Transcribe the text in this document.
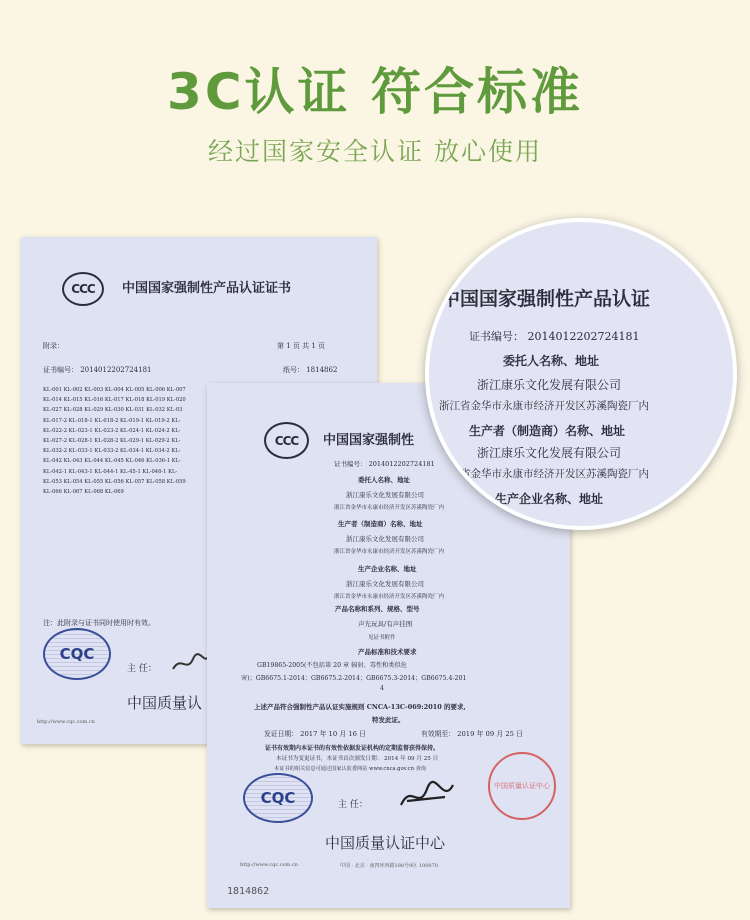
3C认证 符合标准
经过国家安全认证 放心使用
CCC	中国国家强制性产品认证证书
附录：	第 1 页 共 1 页
证书编号： 2014012202724181	纸号： 1814862
KL-001 KL-002 KL-003 KL-004 KL-005 KL-006 KL-007
KL-014 KL-015 KL-016 KL-017 KL-018 KL-019 KL-020
KL-027 KL-028 KL-029 KL-030 KL-031 KL-032 KL-03
KL-017-2 KL-018-1 KL-018-2 KL-019-1 KL-019-2 KL-
KL-022-2 KL-023-1 KL-023-2 KL-024-1 KL-024-2 KL-
KL-027-2 KL-028-1 KL-028-2 KL-029-1 KL-029-2 KL-
KL-032-2 KL-033-1 KL-033-2 KL-034-1 KL-034-2 KL-
KL-042 KL-043 KL-044 KL-045 KL-046 KL-036-1 KL-
KL-042-1 KL-043-1 KL-044-1 KL-45-1 KL-046-1 KL-
KL-053 KL-054 KL-055 KL-056 KL-057 KL-058 KL-059
KL-066 KL-067 KL-068 KL-069
注：此附录与证书同时使用时有效。
CQC
主 任：
中国质量认
http://www.cqc.com.cn
CCC	中国国家强制性
证书编号： 2014012202724181
委托人名称、地址
浙江康乐文化发展有限公司
浙江省金华市永康市经济开发区苏溪陶瓷厂内
生产者（制造商）名称、地址
浙江康乐文化发展有限公司
浙江省金华市永康市经济开发区苏溪陶瓷厂内
生产企业名称、地址
浙江康乐文化发展有限公司
浙江省金华市永康市经济开发区苏溪陶瓷厂内
产品名称和系列、规格、型号
声光玩具/有声挂图
见证书附件
产品标准和技术要求
GB19865-2005(不包括第 20 章 辐射、毒性和类似危
害)；GB6675.1-2014；GB6675.2-2014；GB6675.3-2014；GB6675.4-201
4
上述产品符合强制性产品认证实施规则 CNCA-13C-069:2010 的要求,
特发此证。
发证日期： 2017 年 10 月 16 日	有效期至： 2019 年 09 月 25 日
证书有效期内本证书的有效性依据发证机构的定期监督获得保持。
本证书为变更证书，本证书首次颁发日期： 2014 年 09 月 25 日
本证书的相关信息可通过国家认监委网站 www.cnca.gov.cn 查询
CQC	主 任：
中国质量认证中心
http://www.cqc.com.cn	中国 · 北京 · 南四环西路188号9区 100070
1814862
中国质量认证中心
中国国家强制性产品认证
证书编号： 2014012202724181
委托人名称、地址
浙江康乐文化发展有限公司
浙江省金华市永康市经济开发区苏溪陶瓷厂内
生产者（制造商）名称、地址
浙江康乐文化发展有限公司
浙江省金华市永康市经济开发区苏溪陶瓷厂内
生产企业名称、地址
